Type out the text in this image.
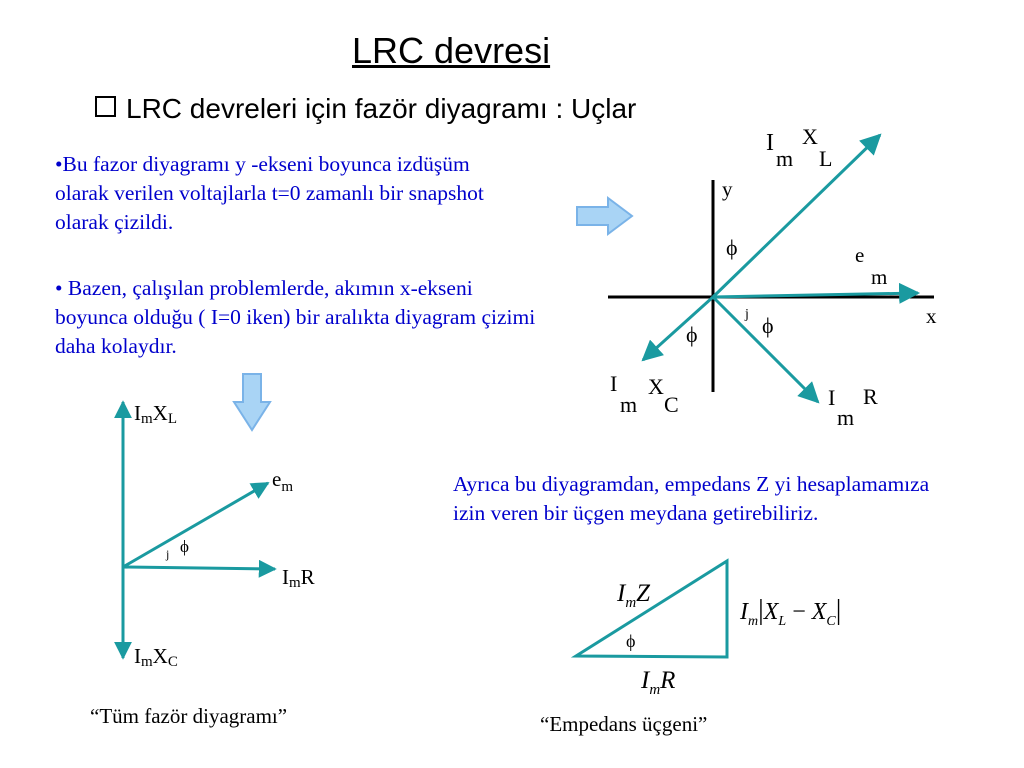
LRC devresi
LRC devreleri için fazör diyagramı : Uçlar
•Bu fazor diyagramı y -ekseni boyunca izdüşüm olarak verilen voltajlarla t=0 zamanlı bir snapshot olarak çizildi.
• Bazen, çalışılan problemlerde, akımın x-ekseni boyunca olduğu ( I=0 iken) bir aralıkta diyagram çizimi daha kolaydır.
Ayrıca bu diyagramdan, empedans Z yi hesaplamamıza izin veren bir üçgen meydana getirebiliriz.
“Tüm fazör diyagramı”	“Empedans üçgeni”
x
y
ϕ
ϕ	ϕ
ϳ
I
m
X
L
e
m
I
m
X
C	I
m
R
ϕ
ϳ
ImXL
$e_m$
ImR
ImXC
ϕ
$I_mZ$
$I_mR$
$I_m|X_L - X_C|$
